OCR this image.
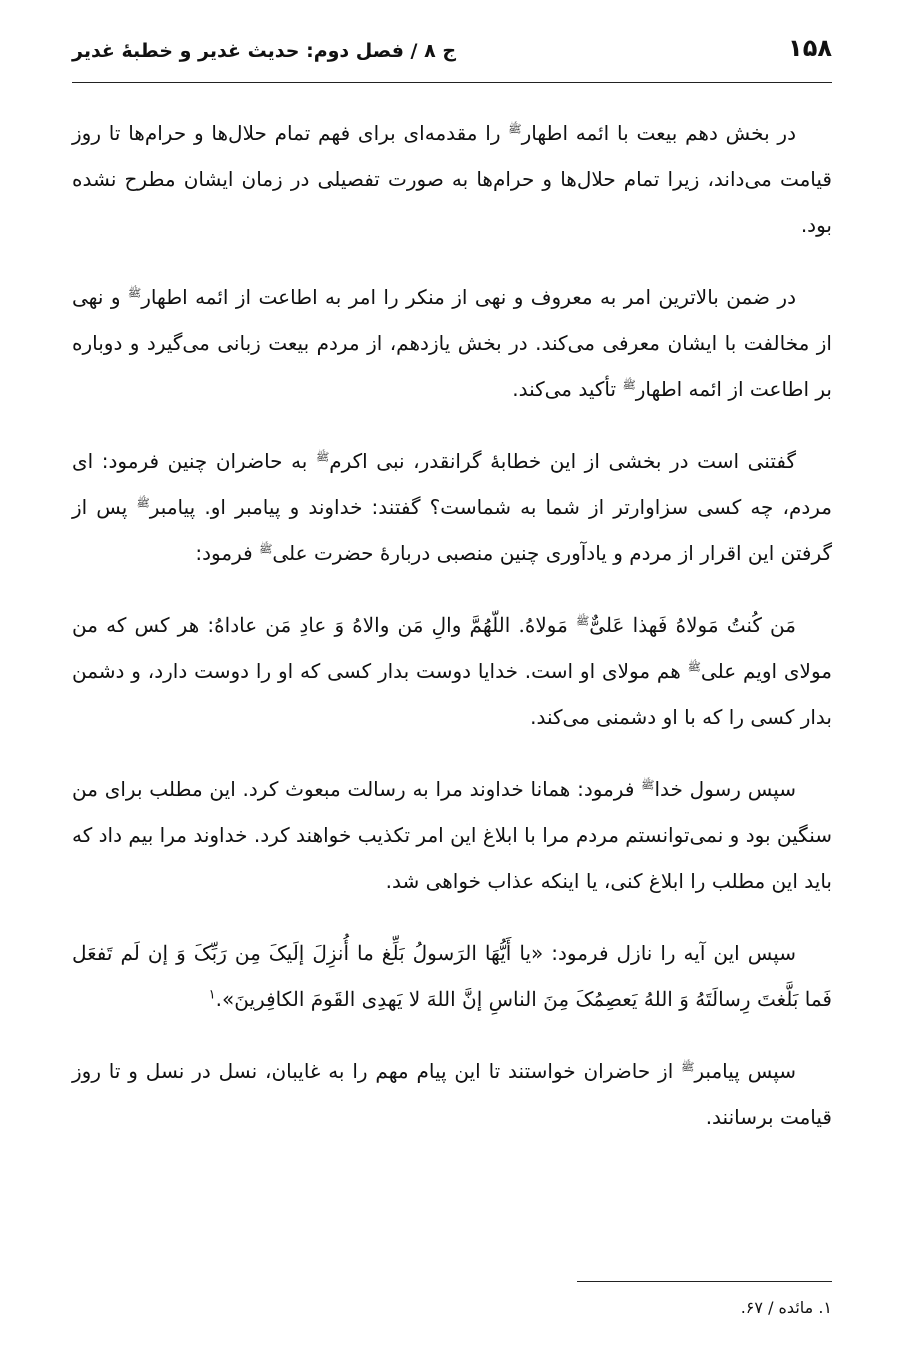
۱۵۸
ج ۸ / فصل دوم: حدیث غدیر و خطبهٔ غدیر

در بخش دهم بیعت با ائمه اطهار$^ﷺ$ را مقدمه‌ای برای فهم تمام حلال‌ها و حرام‌ها تا روز قیامت می‌داند، زیرا تمام حلال‌ها و حرام‌ها به صورت تفصیلی در زمان ایشان مطرح نشده بود.

در ضمن بالاترین امر به معروف و نهی از منکر را امر به اطاعت از ائمه اطهار$^ﷺ$ و نهی از مخالفت با ایشان معرفی می‌کند. در بخش یازدهم، از مردم بیعت زبانی می‌گیرد و دوباره بر اطاعت از ائمه اطهار$^ﷺ$ تأکید می‌کند.

گفتنی است در بخشی از این خطابهٔ گرانقدر، نبی اکرم$^ﷺ$ به حاضران چنین فرمود: ای مردم، چه کسی سزاوارتر از شما به شماست؟ گفتند: خداوند و پیامبر او. پیامبر$^ﷺ$ پس از گرفتن این اقرار از مردم و یادآوری چنین منصبی دربارهٔ حضرت علی$^ﷺ$ فرمود:

مَن کُنتُ مَولاهُ فَهذا عَلیٌّ$^ﷺ$ مَولاهُ. اللّهُمَّ والِ مَن والاهُ وَ عادِ مَن عاداهُ: هر کس که من مولای اویم علی$^ﷺ$ هم مولای او است. خدایا دوست بدار کسی که او را دوست دارد، و دشمن بدار کسی را که با او دشمنی می‌کند.

سپس رسول خدا$^ﷺ$ فرمود: همانا خداوند مرا به رسالت مبعوث کرد. این مطلب برای من سنگین بود و نمی‌توانستم مردم مرا با ابلاغ این امر تکذیب خواهند کرد. خداوند مرا بیم داد که باید این مطلب را ابلاغ کنی، یا اینکه عذاب خواهی شد.

سپس این آیه را نازل فرمود: «یا أَیُّهَا الرَسولُ بَلِّغ ما أُنزِلَ إلَیکَ مِن رَبِّکَ وَ إن لَم تَفعَل فَما بَلَّغتَ رِسالَتَهُ وَ اللهُ یَعصِمُکَ مِنَ الناسِ إنَّ اللهَ لا یَهدِی القَومَ الکافِرینَ».$^۱$

سپس پیامبر$^ﷺ$ از حاضران خواستند تا این پیام مهم را به غایبان، نسل در نسل و تا روز قیامت برسانند.

۱. مائده / ۶۷.
